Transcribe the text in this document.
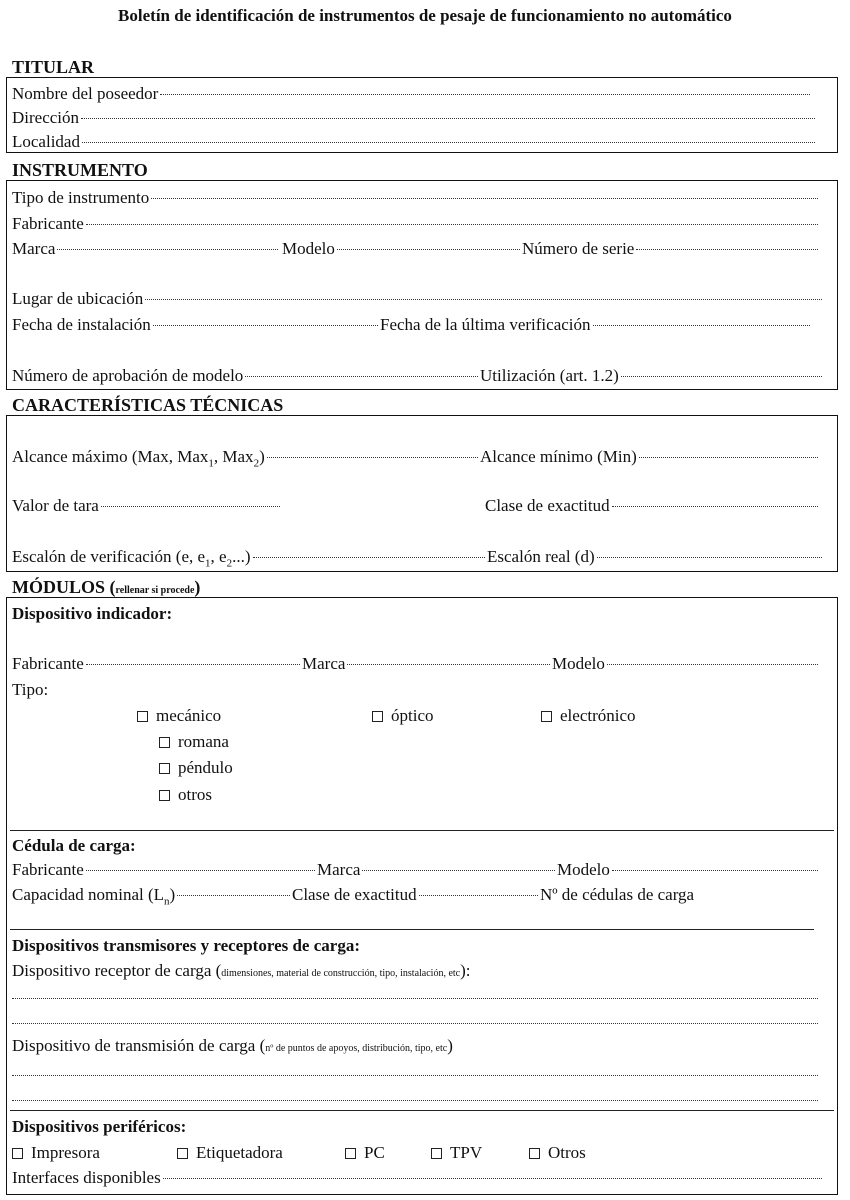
Boletín de identificación de instrumentos de pesaje de funcionamiento no automático
TITULAR
Nombre del poseedor
Dirección
Localidad
INSTRUMENTO
Tipo de instrumento
Fabricante
Marca	Modelo	Número de serie
Lugar de ubicación
Fecha de instalación	Fecha de la última verificación
Número de aprobación de modelo	Utilización (art. 1.2)
CARACTERÍSTICAS TÉCNICAS
Alcance máximo (Max, Max$_1$, Max$_2$)	Alcance mínimo (Min)
Valor de tara	Clase de exactitud
Escalón de verificación (e, $e_1$, $e_2$...)	Escalón real (d)
MÓDULOS (rellenar si procede)
Dispositivo indicador:
Fabricante	Marca	Modelo
Tipo:
mecánico	óptico	electrónico
romana
péndulo
otros
Cédula de carga:
Fabricante	Marca	Modelo
Capacidad nominal $(L_n)$	Clase de exactitud	Nº de cédulas de carga
Dispositivos transmisores y receptores de carga:
Dispositivo receptor de carga (dimensiones, material de construcción, tipo, instalación, etc):
Dispositivo de transmisión de carga (nº de puntos de apoyos, distribución, tipo, etc)
Dispositivos periféricos:
Impresora	Etiquetadora	PC	TPV	Otros
Interfaces disponibles
